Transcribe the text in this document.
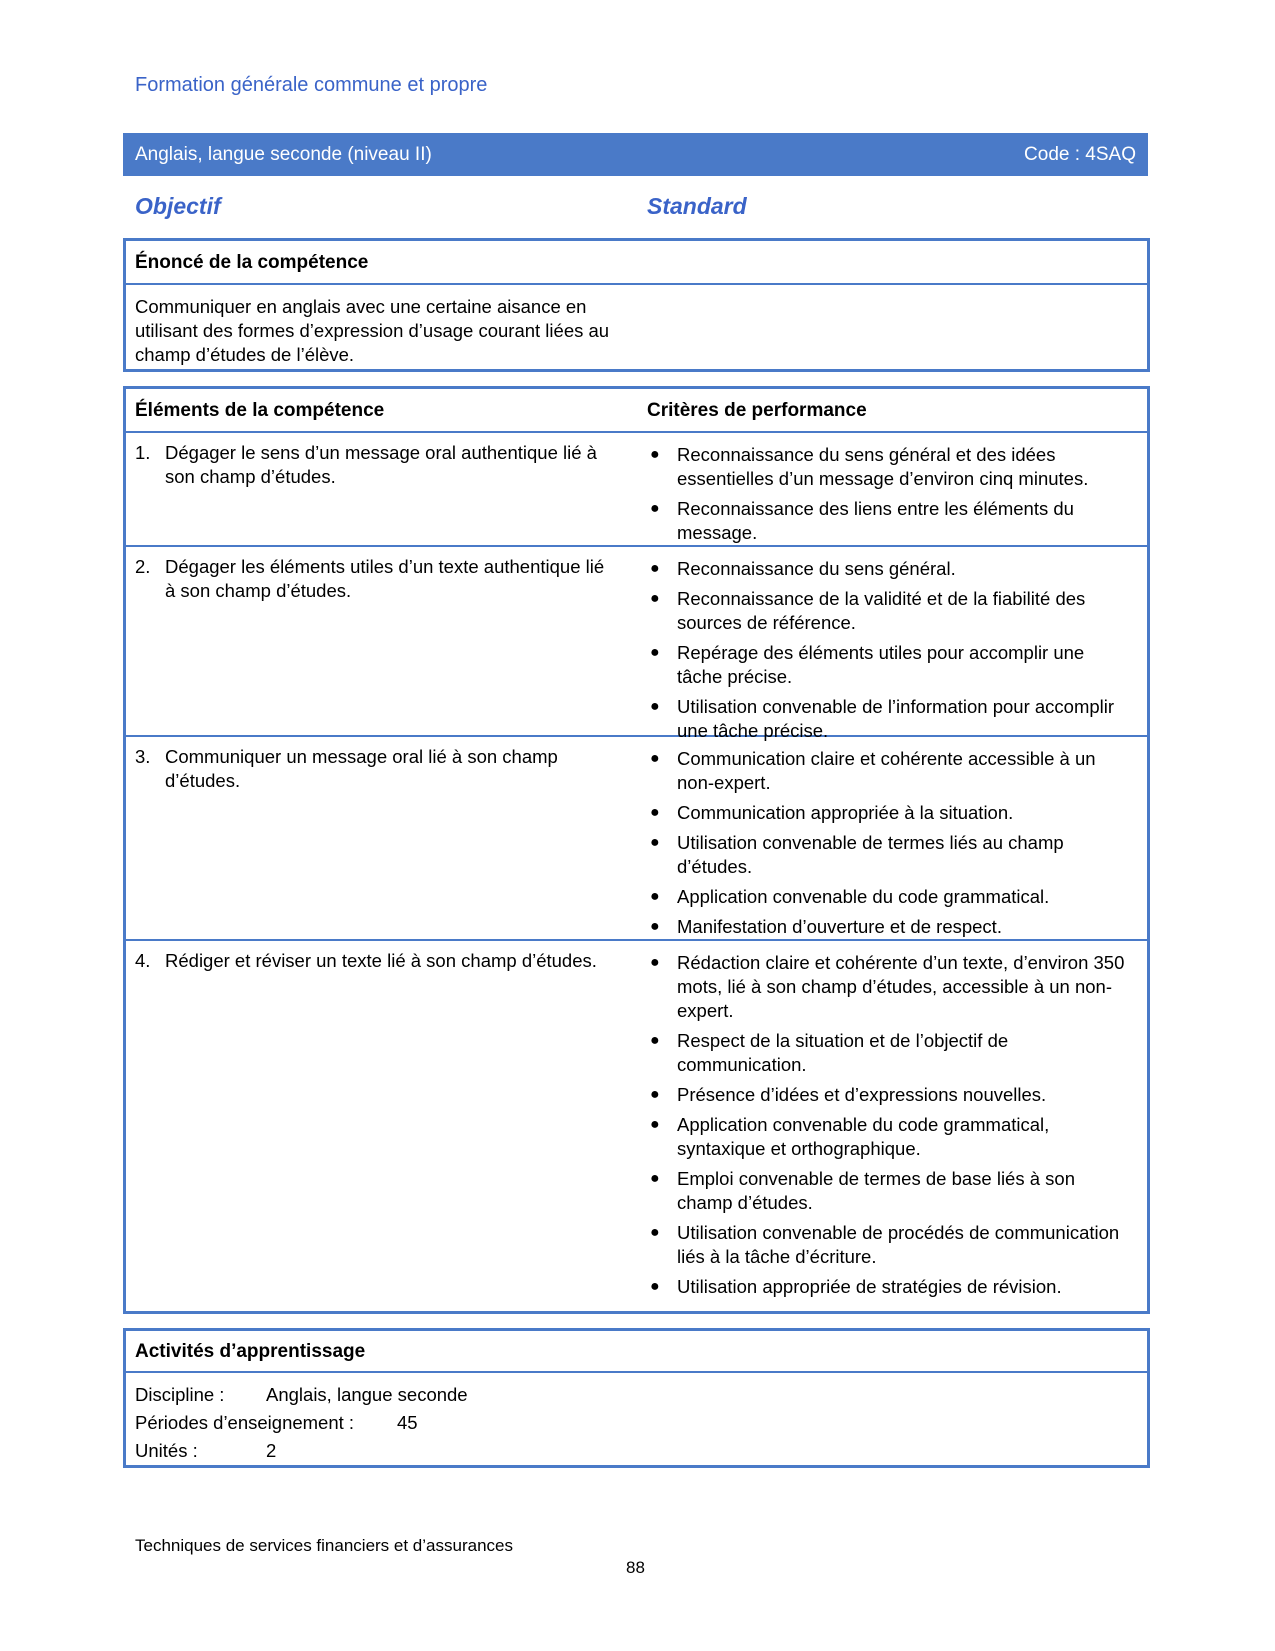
Formation générale commune et propre
Anglais, langue seconde (niveau II)	Code : 4SAQ
Objectif	Standard
Énoncé de la compétence
Communiquer en anglais avec une certaine aisance en utilisant des formes d’expression d’usage courant liées au champ d’études de l’élève.
Éléments de la compétence	Critères de performance
1. Dégager le sens d’un message oral authentique lié à son champ d’études.
● Reconnaissance du sens général et des idées essentielles d’un message d’environ cinq minutes.
● Reconnaissance des liens entre les éléments du message.
2. Dégager les éléments utiles d’un texte authentique lié à son champ d’études.
● Reconnaissance du sens général.
● Reconnaissance de la validité et de la fiabilité des sources de référence.
● Repérage des éléments utiles pour accomplir une tâche précise.
● Utilisation convenable de l’information pour accomplir une tâche précise.
3. Communiquer un message oral lié à son champ d’études.
● Communication claire et cohérente accessible à un non-expert.
● Communication appropriée à la situation.
● Utilisation convenable de termes liés au champ d’études.
● Application convenable du code grammatical.
● Manifestation d’ouverture et de respect.
4. Rédiger et réviser un texte lié à son champ d’études.	● Rédaction claire et cohérente d’un texte, d’environ 350 mots, lié à son champ d’études, accessible à un non-expert.
● Respect de la situation et de l’objectif de communication.
● Présence d’idées et d’expressions nouvelles.
● Application convenable du code grammatical, syntaxique et orthographique.
● Emploi convenable de termes de base liés à son champ d’études.
● Utilisation convenable de procédés de communication liés à la tâche d’écriture.
● Utilisation appropriée de stratégies de révision.
Activités d’apprentissage
Discipline : Anglais, langue seconde
Périodes d’enseignement : 45
Unités :	2
Techniques de services financiers et d’assurances
88
